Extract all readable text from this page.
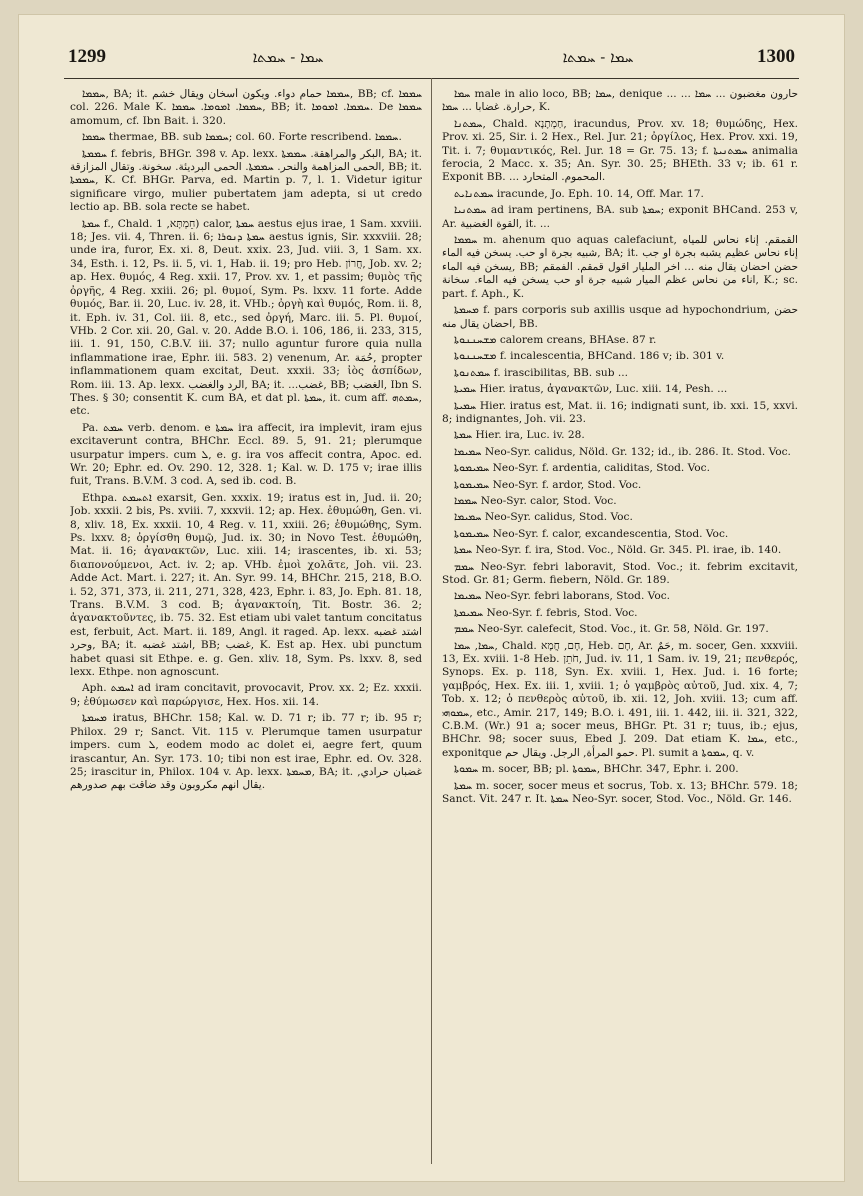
1299	ܚܡܐ - ܚܡܬܐ	ܚܡܐ - ܚܡܬܐ	1300

ܚܡܡܐ, BA; it. ܚܡܡܐ حمام دواء. ويكون أسخان ويقال خشم, BB; cf. ܚܡܡܐ col. 226. Male K. ܚܡܡܐ. ܐܡܘܡܐ. ܚܡܡܐ, BB; it. ܚܡܡܐ. ܐܡܘܡܐ. De ܚܡܡܐ amomum, cf. Ibn Bait. i. 320.

ܚܡܡܐ thermae, BB. sub ܚܡܡܐ; col. 60. Forte rescribend. ܚܡܡܐ.

ܚܡܡܬܐ f. febris, BHGr. 398 v. Ap. lexx. البكر والمراهقة. ܚܡܡܬܐ, BA; it. الحمى المزاهمة والنحر. ܚܡܡܬܐ. الحمى البرديئة. سخونة. وتقال المزازقة, BB; it. ܚܡܡܬܐ, K. Cf. BHGr. Parva, ed. Martin p. 7, l. 1. Videtur igitur significare virgo, mulier pubertatem jam adepta, si ut credo lectio ap. BB. sola recte se habet.

ܚܡܬܐ f., Chald. חֵמְתָּא, 1) calor, ܚܡܬܐ aestus ejus irae, 1 Sam. xxviii. 18; Jes. vii. 4, Thren. ii. 6; ܚܡܬܐ ܕܢܘܪܐ aestus ignis, Sir. xxxviii. 28; unde ira, furor, Ex. xi. 8, Deut. xxix. 23, Jud. viii. 3, 1 Sam. xx. 34, Esth. i. 12, Ps. ii. 5, vi. 1, Hab. ii. 19; pro Heb. חֲרוֹן, Job. xv. 2; ap. Hex. θυμός, 4 Reg. xxii. 17, Prov. xv. 1, et passim; θυμὸς τῆς ὀργῆς, 4 Reg. xxiii. 26; pl. θυμοί, Sym. Ps. lxxv. 11 forte. Adde θυμός, Bar. ii. 20, Luc. iv. 28, it. VHb.; ὀργὴ καὶ θυμός, Rom. ii. 8, it. Eph. iv. 31, Col. iii. 8, etc., sed ὀργή, Marc. iii. 5. Pl. θυμοί, VHb. 2 Cor. xii. 20, Gal. v. 20. Adde B.O. i. 106, 186, ii. 233, 315, iii. 1. 91, 150, C.B.V. iii. 37; nullo aguntur furore quia nulla inflammatione irae, Ephr. iii. 583. 2) venenum, Ar. حُمَة, propter inflammationem quam excitat, Deut. xxxii. 33; ἰὸς ἀσπίδων, Rom. iii. 13. Ap. lexx. الرد والغضب, BA; it. ...غضب, BB; الغضب, Ibn S. Thes. § 30; consentit K. cum BA, et dat pl. ܚܡܬܐ, it. cum aff. ܚܡܬܗ, etc.

Pa. ܚܡܬ verb. denom. e ܚܡܬܐ ira affecit, ira implevit, iram ejus excitaverunt contra, BHChr. Eccl. 89. 5, 91. 21; plerumque usurpatur impers. cum ܠ, e. g. ira vos affecit contra, Apoc. ed. Wr. 20; Ephr. ed. Ov. 290. 12, 328. 1; Kal. w. D. 175 v; irae illis fuit, Trans. B.V.M. 3 cod. A, sed ib. cod. B.

Ethpa. ܐܬܚܡܬ exarsit, Gen. xxxix. 19; iratus est in, Jud. ii. 20; Job. xxxii. 2 bis, Ps. xviii. 7, xxxvii. 12; ap. Hex. ἐθυμώθη, Gen. vi. 8, xliv. 18, Ex. xxxii. 10, 4 Reg. v. 11, xxiii. 26; ἐθυμώθης, Sym. Ps. lxxv. 8; ὀργίσθη θυμῷ, Jud. ix. 30; in Novo Test. ἐθυμώθη, Mat. ii. 16; ἀγανακτῶν, Luc. xiii. 14; irascentes, ib. xi. 53; διαπονούμενοι, Act. iv. 2; ap. VHb. ἐμοὶ χολᾶτε, Joh. vii. 23. Adde Act. Mart. i. 227; it. An. Syr. 99. 14, BHChr. 215, 218, B.O. i. 52, 371, 373, ii. 211, 271, 328, 423, Ephr. i. 83, Jo. Eph. 81. 18, Trans. B.V.M. 3 cod. B; ἀγανακτοίη, Tit. Bostr. 36. 2; ἀγανακτοῦντες, ib. 75. 32. Est etiam ubi valet tantum concitatus est, ferbuit, Act. Mart. ii. 189, Angl. it raged. Ap. lexx. اشتد غضبه وحرد, BA; it. اشتد غضبه, BB; غضب, K. Est ap. Hex. ubi punctum habet quasi sit Ethpe. e. g. Gen. xliv. 18, Sym. Ps. lxxv. 8, sed lexx. Ethpe. non agnoscunt.

Aph. ܐܚܡܬ ad iram concitavit, provocavit, Prov. xx. 2; Ez. xxxii. 9; ἐθύμωσεν καὶ παρώργισε, Hex. Hos. xii. 14.

ܡܚܡܬܐ iratus, BHChr. 158; Kal. w. D. 71 r; ib. 77 r; ib. 95 r; Philox. 29 r; Sanct. Vit. 115 v. Plerumque tamen usurpatur impers. cum ܠ, eodem modo ac dolet ei, aegre fert, quum irascantur, An. Syr. 173. 10; tibi non est irae, Ephr. ed. Ov. 328. 25; irascitur in, Philox. 104 v. Ap. lexx. ܡܚܡܬܐ, BA; it. غضبان حرادي, يقال انهم مكروبون وقد ضاقت بهم صدورهم.

ܚܡܐ male in alio loco, BB; ܚܡܐ, denique ... حارون مغضبون ... ܚܡܐ ... حرارة. غضابا ... ܚܡܐ, K.

ܚܡܬܢܐ, Chald. חַמְתָנָא, iracundus, Prov. xv. 18; θυμώδης, Hex. Prov. xi. 25, Sir. i. 2 Hex., Rel. Jur. 21; ὀργίλος, Hex. Prov. xxi. 19, Tit. i. 7; θυμαντικός, Rel. Jur. 18 = Gr. 75. 13; f. ܚܡܬܢܝܬܐ animalia ferocia, 2 Macc. x. 35; An. Syr. 30. 25; BHEth. 33 v; ib. 61 r. Exponit BB. ... المحموم. المتحارد.

ܚܡܬܢܐܝܬ iracunde, Jo. Eph. 10. 14, Off. Mar. 17.

ܚܡܬܢܝܐ ad iram pertinens, BA. sub ܚܡܬܐ; exponit BHCand. 253 v, Ar. القوة الغضبية, it. ...

ܚܡܡܐ m. ahenum quo aquas calefaciunt, القمقم. إناء نحاس للمياه شبيه بجرة او حب. يسخن فيه الماء, BA; it. إناء نحاس عظيم يشبه بجرة او جب يسخن فيه الماء, BB; حضن احضان يقال منه ... اخر المليار اقول قمقم. الفمقم اناء من نحاس عظم الميار شبيه جرة او حب يسخن فيه الماء. سخانة, K.; sc. part. f. Aph., K.

ܡܚܡܬܐ f. pars corporis sub axillis usque ad hypochondrium, حضن احضان يقال منه, BB.

ܡܫܚܢܢܘܬܐ calorem creans, BHAse. 87 r.

ܡܫܚܢܢܘܬܐ f. incalescentia, BHCand. 186 v; ib. 301 v.

ܚܡܬܢܘܬܐ f. irascibilitas, BB. sub ...

ܚܡܝܬܐ Hier. iratus, ἀγανακτῶν, Luc. xiii. 14, Pesh. ...

ܚܡܝܬܐ Hier. iratus est, Mat. ii. 16; indignati sunt, ib. xxi. 15, xxvi. 8; indignantes, Joh. vii. 23.

ܚܡܬܐ Hier. ira, Luc. iv. 28.

ܚܡܝܡܐ Neo-Syr. calidus, Nöld. Gr. 132; id., ib. 286. It. Stod. Voc.

ܚܡܝܡܘܬܐ Neo-Syr. f. ardentia, caliditas, Stod. Voc.

ܚܡܝܡܘܬܐ Neo-Syr. f. ardor, Stod. Voc.

ܚܡܡܐ Neo-Syr. calor, Stod. Voc.

ܚܡܝܡܐ Neo-Syr. calidus, Stod. Voc.

ܚܡܝܡܘܬܐ Neo-Syr. f. calor, excandescentia, Stod. Voc.

ܚܡܬܐ Neo-Syr. f. ira, Stod. Voc., Nöld. Gr. 345. Pl. irae, ib. 140.

ܚܡܡ Neo-Syr. febri laboravit, Stod. Voc.; it. febrim excitavit, Stod. Gr. 81; Germ. fiebern, Nöld. Gr. 189.

ܚܡܝܡܐ Neo-Syr. febri laborans, Stod. Voc.

ܚܡܝܡܬܐ Neo-Syr. f. febris, Stod. Voc.

ܚܡܡ Neo-Syr. calefecit, Stod. Voc., it. Gr. 58, Nöld. Gr. 197.

ܚܡܐ, ܚܡܐ, Chald. חָם, חֲמָא, Heb. חָם, Ar. حَمٌ, m. socer, Gen. xxxviii. 13, Ex. xviii. 1-8 Heb. חֹתֵן, Jud. iv. 11, 1 Sam. iv. 19, 21; πενθερός, Synops. Ex. p. 118, Syn. Ex. xviii. 1, Hex. Jud. i. 16 forte; γαμβρός, Hex. Ex. iii. 1, xviii. 1; ὁ γαμβρὸς αὐτοῦ, Jud. xix. 4, 7; Tob. x. 12; ὁ πενθερὸς αὐτοῦ, ib. xii. 12, Joh. xviii. 13; cum aff. ܚܡܘܗܝ, etc., Amir. 217, 149; B.O. i. 491, iii. 1. 442, iii. ii. 321, 322, C.B.M. (Wr.) 91 a; socer meus, BHGr. Pt. 31 r; tuus, ib.; ejus, BHChr. 98; socer suus, Ebed J. 209. Dat etiam K. ܚܡܐ, etc., exponitque حمو المرأة, الرجل. ويقال حم. Pl. sumit a ܚܡܘܬܐ, q. v.

ܚܡܘܬܐ m. socer, BB; pl. ܚܡܘܬܐ, BHChr. 347, Ephr. i. 200.

ܚܡܬܐ m. socer, socer meus et socrus, Tob. x. 13; BHChr. 579. 18; Sanct. Vit. 247 r. It. ܚܡܬܐ Neo-Syr. socer, Stod. Voc., Nöld. Gr. 146.
